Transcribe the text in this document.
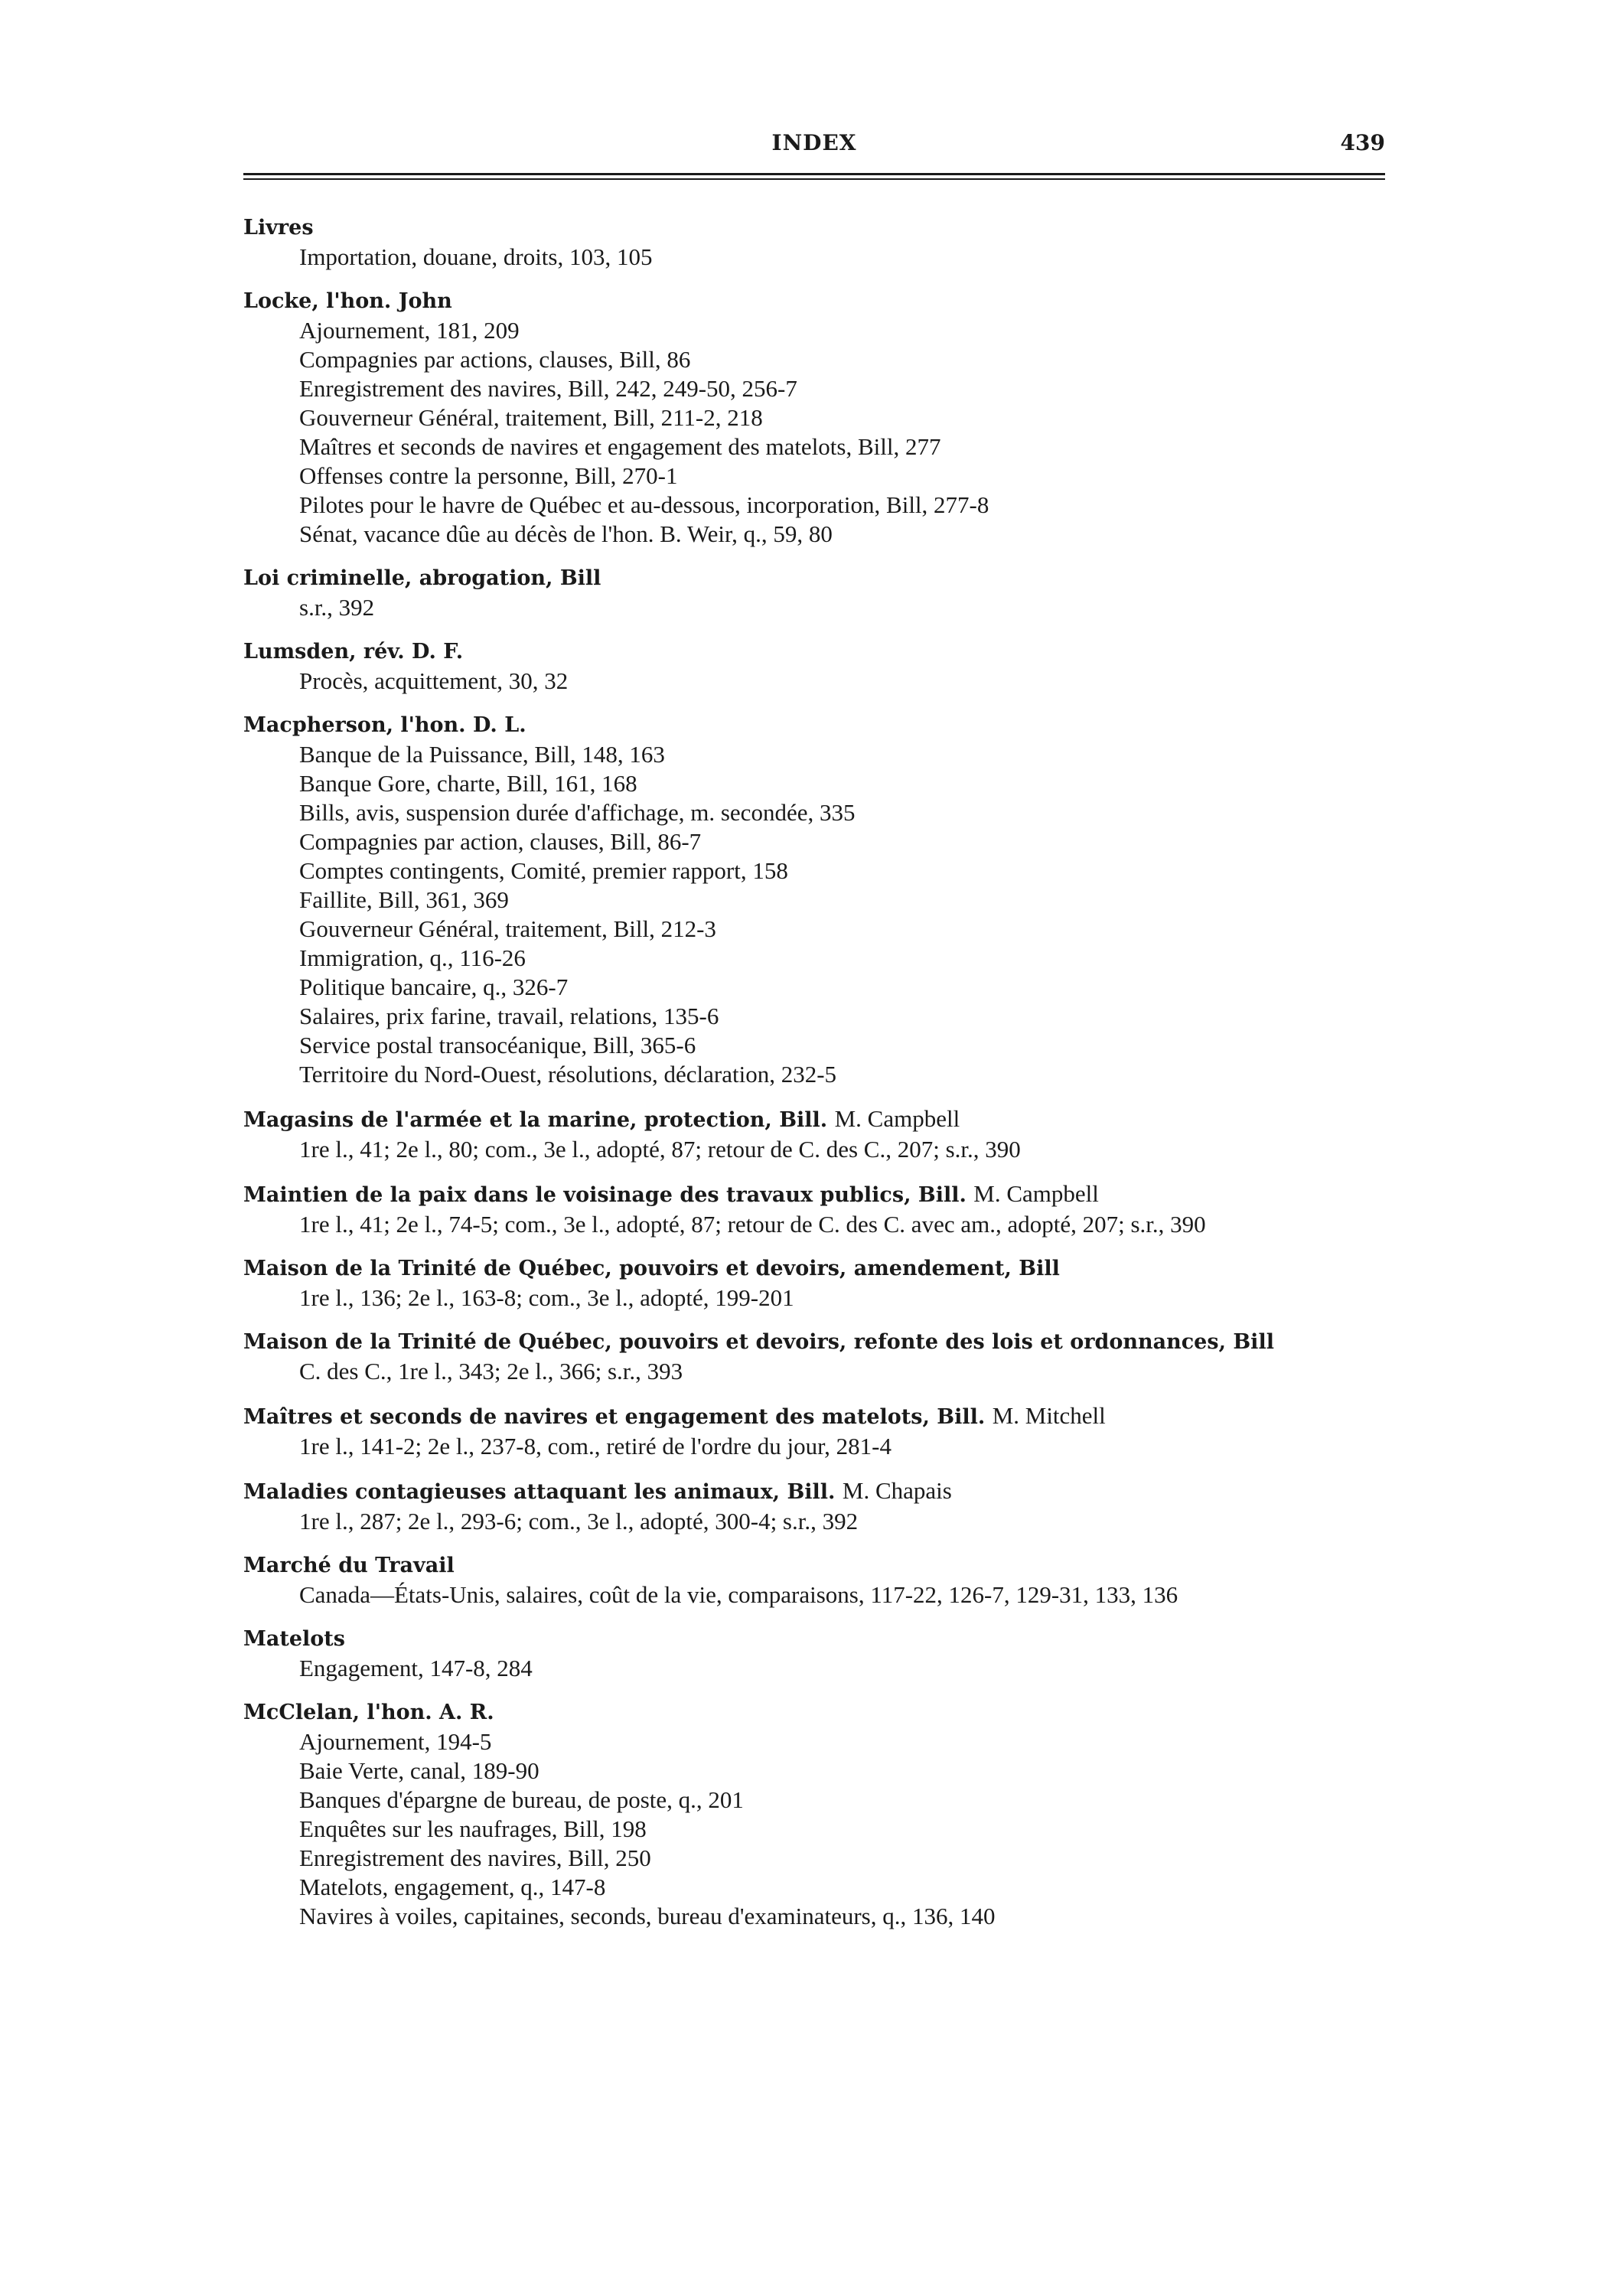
INDEX	439
Livres
Importation, douane, droits, 103, 105
Locke, l'hon. John
Ajournement, 181, 209
Compagnies par actions, clauses, Bill, 86
Enregistrement des navires, Bill, 242, 249-50, 256-7
Gouverneur Général, traitement, Bill, 211-2, 218
Maîtres et seconds de navires et engagement des matelots, Bill, 277
Offenses contre la personne, Bill, 270-1
Pilotes pour le havre de Québec et au-dessous, incorporation, Bill, 277-8
Sénat, vacance dûe au décès de l'hon. B. Weir, q., 59, 80
Loi criminelle, abrogation, Bill
s.r., 392
Lumsden, rév. D. F.
Procès, acquittement, 30, 32
Macpherson, l'hon. D. L.
Banque de la Puissance, Bill, 148, 163
Banque Gore, charte, Bill, 161, 168
Bills, avis, suspension durée d'affichage, m. secondée, 335
Compagnies par action, clauses, Bill, 86-7
Comptes contingents, Comité, premier rapport, 158
Faillite, Bill, 361, 369
Gouverneur Général, traitement, Bill, 212-3
Immigration, q., 116-26
Politique bancaire, q., 326-7
Salaires, prix farine, travail, relations, 135-6
Service postal transocéanique, Bill, 365-6
Territoire du Nord-Ouest, résolutions, déclaration, 232-5
Magasins de l'armée et la marine, protection, Bill. M. Campbell
1re l., 41; 2e l., 80; com., 3e l., adopté, 87; retour de C. des C., 207; s.r., 390
Maintien de la paix dans le voisinage des travaux publics, Bill. M. Campbell
1re l., 41; 2e l., 74-5; com., 3e l., adopté, 87; retour de C. des C. avec am., adopté, 207; s.r., 390
Maison de la Trinité de Québec, pouvoirs et devoirs, amendement, Bill
1re l., 136; 2e l., 163-8; com., 3e l., adopté, 199-201
Maison de la Trinité de Québec, pouvoirs et devoirs, refonte des lois et ordonnances, Bill
C. des C., 1re l., 343; 2e l., 366; s.r., 393
Maîtres et seconds de navires et engagement des matelots, Bill. M. Mitchell
1re l., 141-2; 2e l., 237-8, com., retiré de l'ordre du jour, 281-4
Maladies contagieuses attaquant les animaux, Bill. M. Chapais
1re l., 287; 2e l., 293-6; com., 3e l., adopté, 300-4; s.r., 392
Marché du Travail
Canada—États-Unis, salaires, coût de la vie, comparaisons, 117-22, 126-7, 129-31, 133, 136
Matelots
Engagement, 147-8, 284
McClelan, l'hon. A. R.
Ajournement, 194-5
Baie Verte, canal, 189-90
Banques d'épargne de bureau, de poste, q., 201
Enquêtes sur les naufrages, Bill, 198
Enregistrement des navires, Bill, 250
Matelots, engagement, q., 147-8
Navires à voiles, capitaines, seconds, bureau d'examinateurs, q., 136, 140
